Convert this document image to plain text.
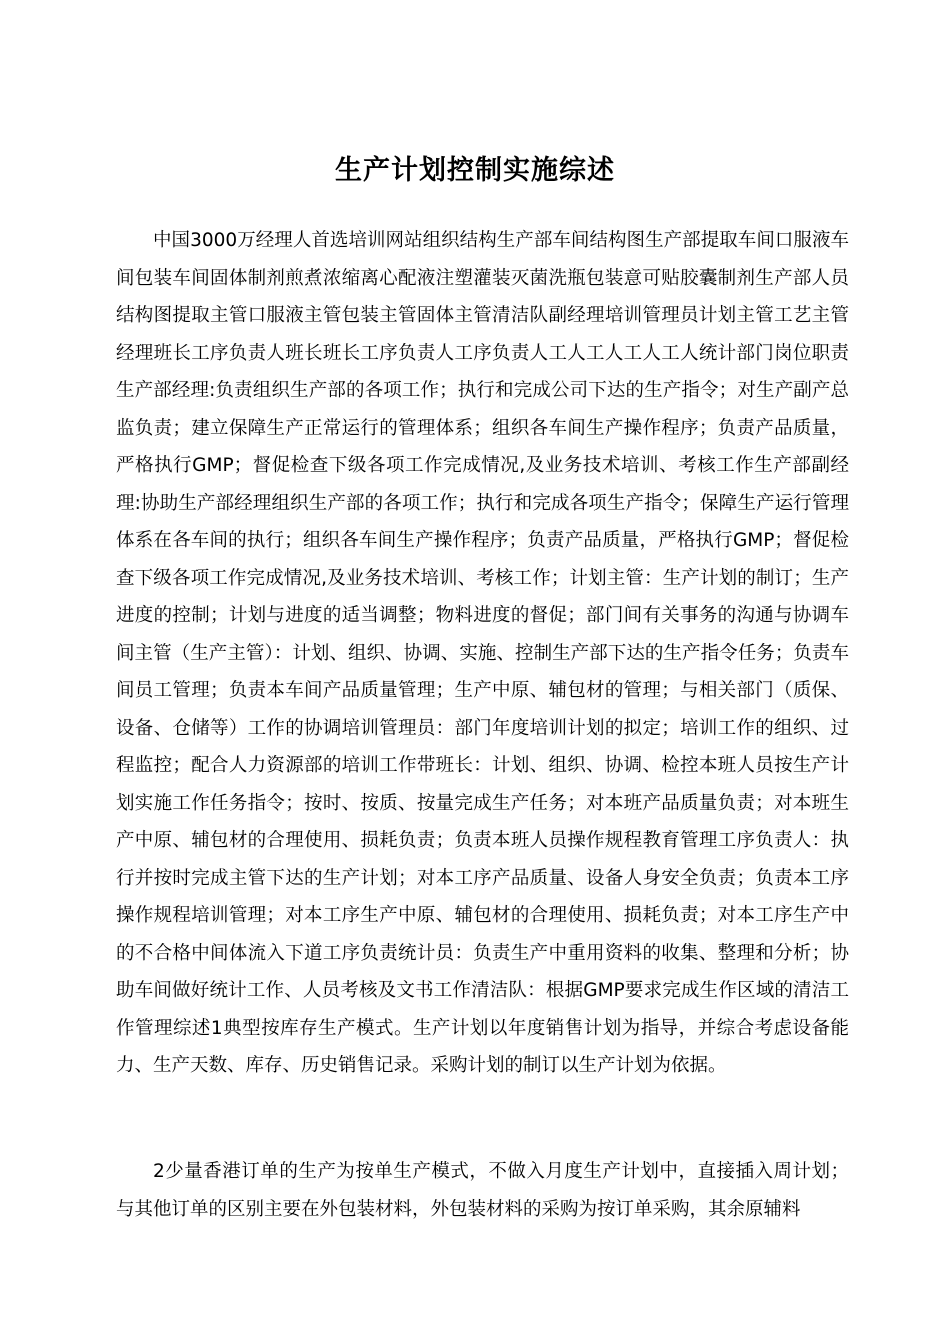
生产计划控制实施综述

中国3000万经理人首选培训网站组织结构生产部车间结构图生产部提取车间口服液车间包装车间固体制剂煎煮浓缩离心配液注塑灌装灭菌洗瓶包装意可贴胶囊制剂生产部人员结构图提取主管口服液主管包装主管固体主管清洁队副经理培训管理员计划主管工艺主管经理班长工序负责人班长班长工序负责人工序负责人工人工人工人工人统计部门岗位职责生产部经理:负责组织生产部的各项工作；执行和完成公司下达的生产指令；对生产副产总监负责；建立保障生产正常运行的管理体系；组织各车间生产操作程序；负责产品质量，严格执行GMP；督促检查下级各项工作完成情况,及业务技术培训、考核工作生产部副经理:协助生产部经理组织生产部的各项工作；执行和完成各项生产指令；保障生产运行管理体系在各车间的执行；组织各车间生产操作程序；负责产品质量，严格执行GMP；督促检查下级各项工作完成情况,及业务技术培训、考核工作；计划主管：生产计划的制订；生产进度的控制；计划与进度的适当调整；物料进度的督促；部门间有关事务的沟通与协调车间主管（生产主管）：计划、组织、协调、实施、控制生产部下达的生产指令任务；负责车间员工管理；负责本车间产品质量管理；生产中原、辅包材的管理；与相关部门（质保、设备、仓储等）工作的协调培训管理员：部门年度培训计划的拟定；培训工作的组织、过程监控；配合人力资源部的培训工作带班长：计划、组织、协调、检控本班人员按生产计划实施工作任务指令；按时、按质、按量完成生产任务；对本班产品质量负责；对本班生产中原、辅包材的合理使用、损耗负责；负责本班人员操作规程教育管理工序负责人：执行并按时完成主管下达的生产计划；对本工序产品质量、设备人身安全负责；负责本工序操作规程培训管理；对本工序生产中原、辅包材的合理使用、损耗负责；对本工序生产中的不合格中间体流入下道工序负责统计员：负责生产中重用资料的收集、整理和分析；协助车间做好统计工作、人员考核及文书工作清洁队：根据GMP要求完成生作区域的清洁工作管理综述1典型按库存生产模式。生产计划以年度销售计划为指导，并综合考虑设备能力、生产天数、库存、历史销售记录。采购计划的制订以生产计划为依据。

2少量香港订单的生产为按单生产模式，不做入月度生产计划中，直接插入周计划；与其他订单的区别主要在外包装材料，外包装材料的采购为按订单采购，其余原辅料
